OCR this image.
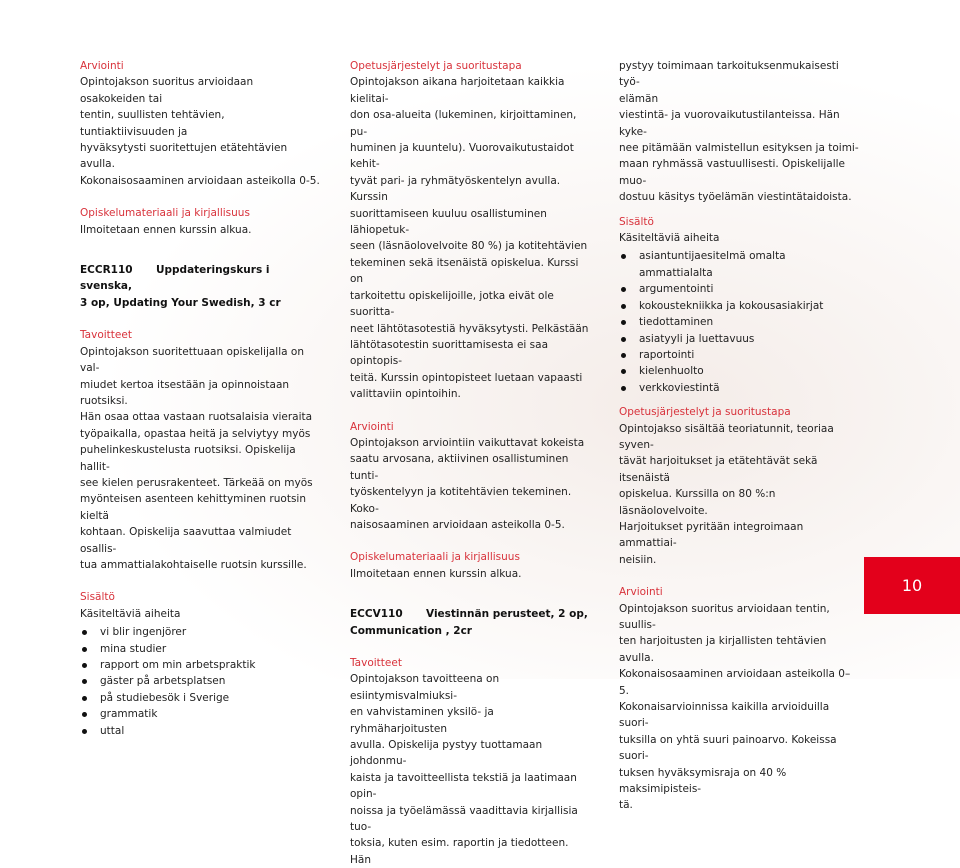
Arviointi
Opintojakson suoritus arvioidaan osakokeiden tai
tentin, suullisten tehtävien, tuntiaktiivisuuden ja
hyväksytysti suoritettujen etätehtävien avulla.
Kokonaisosaaminen arvioidaan asteikolla 0-5.
Opiskelumateriaali ja kirjallisuus
Ilmoitetaan ennen kurssin alkua.
ECCR110 Uppdateringskurs i svenska,
3 op, Updating Your Swedish, 3 cr
Tavoitteet
Opintojakson suoritettuaan opiskelijalla on val-
miudet kertoa itsestään ja opinnoistaan ruotsiksi.
Hän osaa ottaa vastaan ruotsalaisia vieraita
työpaikalla, opastaa heitä ja selviytyy myös
puhelinkeskustelusta ruotsiksi. Opiskelija hallit-
see kielen perusrakenteet. Tärkeää on myös
myönteisen asenteen kehittyminen ruotsin kieltä
kohtaan. Opiskelija saavuttaa valmiudet osallis-
tua ammattialakohtaiselle ruotsin kurssille.
Sisältö
Käsiteltäviä aiheita
vi blir ingenjörer
mina studier
rapport om min arbetspraktik
gäster på arbetsplatsen
på studiebesök i Sverige
grammatik
uttal
Opetusjärjestelyt ja suoritustapa
Opintojakson aikana harjoitetaan kaikkia kielitai-
don osa-alueita (lukeminen, kirjoittaminen, pu-
huminen ja kuuntelu). Vuorovaikutustaidot kehit-
tyvät pari- ja ryhmätyöskentelyn avulla. Kurssin
suorittamiseen kuuluu osallistuminen lähiopetuk-
seen (läsnäolovelvoite 80 %) ja kotitehtävien
tekeminen sekä itsenäistä opiskelua. Kurssi on
tarkoitettu opiskelijoille, jotka eivät ole suoritta-
neet lähtötasotestiä hyväksytysti. Pelkästään
lähtötasotestin suorittamisesta ei saa opintopis-
teitä. Kurssin opintopisteet luetaan vapaasti
valittaviin opintoihin.
Arviointi
Opintojakson arviointiin vaikuttavat kokeista
saatu arvosana, aktiivinen osallistuminen tunti-
työskentelyyn ja kotitehtävien tekeminen. Koko-
naisosaaminen arvioidaan asteikolla 0-5.
Opiskelumateriaali ja kirjallisuus
Ilmoitetaan ennen kurssin alkua.
ECCV110 Viestinnän perusteet, 2 op,
Communication , 2cr
Tavoitteet
Opintojakson tavoitteena on esiintymisvalmiuksi-
en vahvistaminen yksilö- ja ryhmäharjoitusten
avulla. Opiskelija pystyy tuottamaan johdonmu-
kaista ja tavoitteellista tekstiä ja laatimaan opin-
noissa ja työelämässä vaadittavia kirjallisia tuo-
toksia, kuten esim. raportin ja tiedotteen. Hän
pystyy toimimaan tarkoituksenmukaisesti työ-
elämän
viestintä- ja vuorovaikutustilanteissa. Hän kyke-
nee pitämään valmistellun esityksen ja toimi-
maan ryhmässä vastuullisesti. Opiskelijalle muo-
dostuu käsitys työelämän viestintätaidoista.
Sisältö
Käsiteltäviä aiheita
asiantuntijaesitelmä omalta ammattialalta
argumentointi
kokoustekniikka ja kokousasiakirjat
tiedottaminen
asiatyyli ja luettavuus
raportointi
kielenhuolto
verkkoviestintä
Opetusjärjestelyt ja suoritustapa
Opintojakso sisältää teoriatunnit, teoriaa syven-
tävät harjoitukset ja etätehtävät sekä itsenäistä
opiskelua. Kurssilla on 80 %:n läsnäolovelvoite.
Harjoitukset pyritään integroimaan ammattiai-
neisiin.
Arviointi
Opintojakson suoritus arvioidaan tentin, suullis-
ten harjoitusten ja kirjallisten tehtävien avulla.
Kokonaisosaaminen arvioidaan asteikolla 0–5.
Kokonaisarvioinnissa kaikilla arvioiduilla suori-
tuksilla on yhtä suuri painoarvo. Kokeissa suori-
tuksen hyväksymisraja on 40 % maksimipisteis-
tä.
10
